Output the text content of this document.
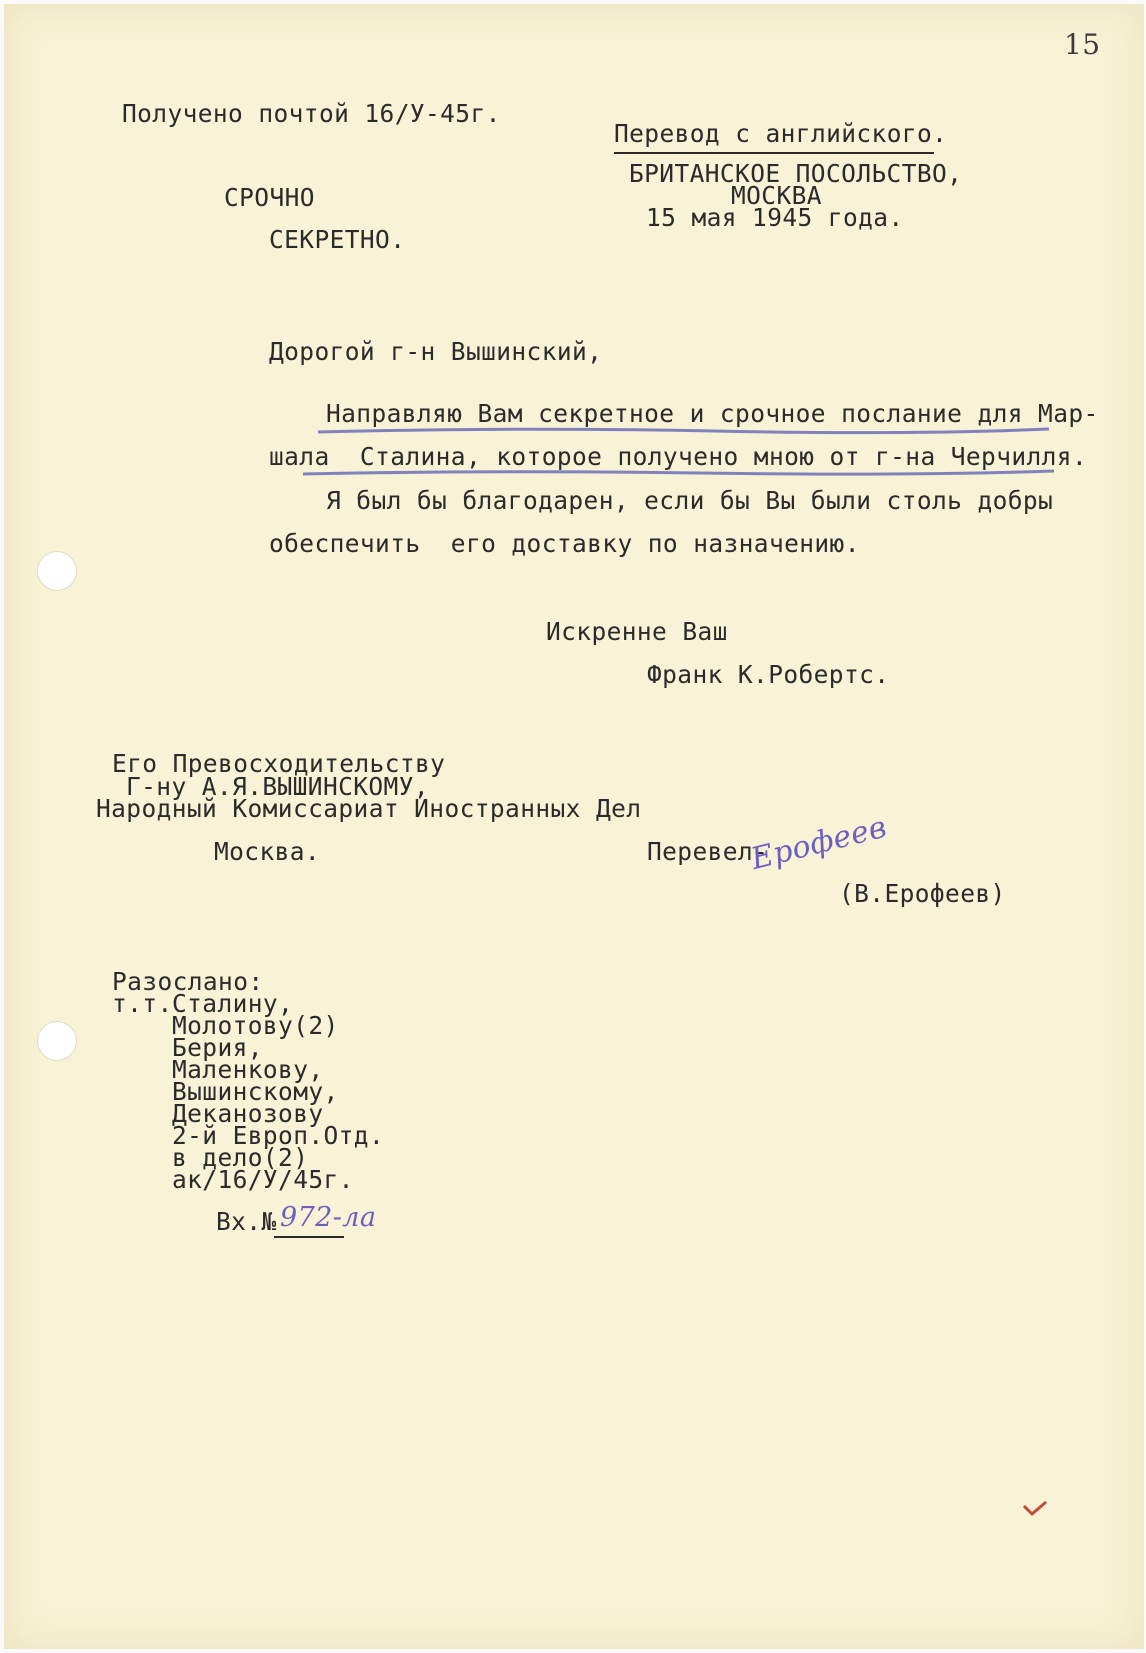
15
Получено почтой 16/У-45г.
Перевод с английского.
СРОЧНО
СЕКРЕТНО.
БРИТАНСКОЕ ПОСОЛЬСТВО,
МОСКВА
15 мая 1945 года.
Дорогой г-н Вышинский,
Направляю Вам секретное и срочное послание для Мар-
шала  Сталина, которое получено мною от г-на Черчилля.
Я был бы благодарен, если бы Вы были столь добры
обеспечить  его доставку по назначению.
Искренне Ваш
Франк К.Робертс.
Его Превосходительству
Г-ну А.Я.ВЫШИНСКОМУ,
Народный Комиссариат Иностранных Дел
Москва.	Перевел-
Ерофеев
(В.Ерофеев)
Разослано:
т.т. Сталину,
Молотову(2)
Берия,
Маленкову,
Вышинскому,
Деканозову
2-й Европ.Отд.
в дело(2)
ак/16/У/45г.
Вх.№ 972-ла
